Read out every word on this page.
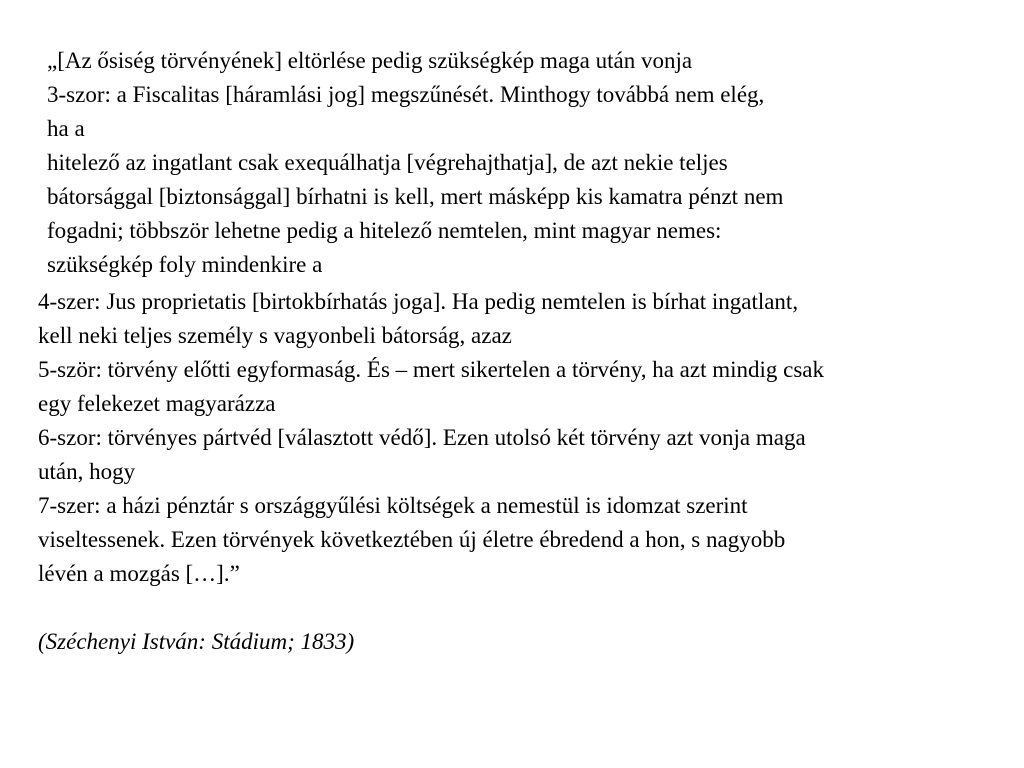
„[Az ősiség törvényének] eltörlése pedig szükségkép maga után vonja
3-szor: a Fiscalitas [háramlási jog] megszűnését. Minthogy továbbá nem elég,
ha a
hitelező az ingatlant csak exequálhatja [végrehajthatja], de azt nekie teljes
bátorsággal [biztonsággal] bírhatni is kell, mert másképp kis kamatra pénzt nem
fogadni; többször lehetne pedig a hitelező nemtelen, mint magyar nemes:
szükségkép foly mindenkire a
4-szer: Jus proprietatis [birtokbírhatás joga]. Ha pedig nemtelen is bírhat ingatlant,
kell neki teljes személy s vagyonbeli bátorság, azaz
5-ször: törvény előtti egyformaság. És – mert sikertelen a törvény, ha azt mindig csak
egy felekezet magyarázza
6-szor: törvényes pártvéd [választott védő]. Ezen utolsó két törvény azt vonja maga
után, hogy
7-szer: a házi pénztár s országgyűlési költségek a nemestül is idomzat szerint
viseltessenek. Ezen törvények következtében új életre ébredend a hon, s nagyobb
lévén a mozgás […].”
(Széchenyi István: Stádium; 1833)
